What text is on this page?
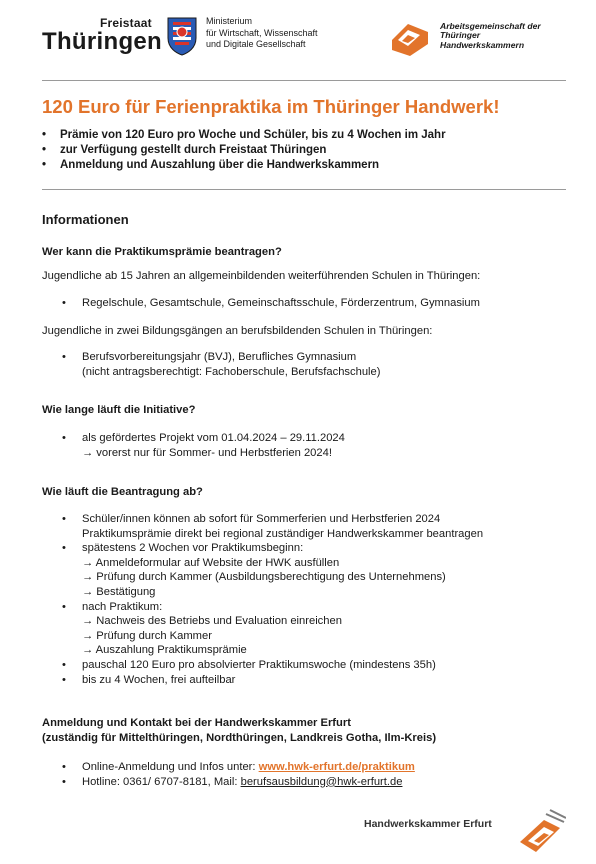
Freistaat
Thüringen
Ministerium
für Wirtschaft, Wissenschaft
und Digitale Gesellschaft
Arbeitsgemeinschaft der
Thüringer
Handwerkskammern
120 Euro für Ferienpraktika im Thüringer Handwerk!
• Prämie von 120 Euro pro Woche und Schüler, bis zu 4 Wochen im Jahr
• zur Verfügung gestellt durch Freistaat Thüringen
• Anmeldung und Auszahlung über die Handwerkskammern
Informationen
Wer kann die Praktikumsprämie beantragen?
Jugendliche ab 15 Jahren an allgemeinbildenden weiterführenden Schulen in Thüringen:
• Regelschule, Gesamtschule, Gemeinschaftsschule, Förderzentrum, Gymnasium
Jugendliche in zwei Bildungsgängen an berufsbildenden Schulen in Thüringen:
• Berufsvorbereitungsjahr (BVJ), Berufliches Gymnasium
(nicht antragsberechtigt: Fachoberschule, Berufsfachschule)
Wie lange läuft die Initiative?
• als gefördertes Projekt vom 01.04.2024 – 29.11.2024
→ vorerst nur für Sommer- und Herbstferien 2024!
Wie läuft die Beantragung ab?
• Schüler/innen können ab sofort für Sommerferien und Herbstferien 2024
Praktikumsprämie direkt bei regional zuständiger Handwerkskammer beantragen
• spätestens 2 Wochen vor Praktikumsbeginn:
→ Anmeldeformular auf Website der HWK ausfüllen
→ Prüfung durch Kammer (Ausbildungsberechtigung des Unternehmens)
→ Bestätigung
• nach Praktikum:
→ Nachweis des Betriebs und Evaluation einreichen
→ Prüfung durch Kammer
→ Auszahlung Praktikumsprämie
• pauschal 120 Euro pro absolvierter Praktikumswoche (mindestens 35h)
• bis zu 4 Wochen, frei aufteilbar
Anmeldung und Kontakt bei der Handwerkskammer Erfurt
(zuständig für Mittelthüringen, Nordthüringen, Landkreis Gotha, Ilm-Kreis)
• Online-Anmeldung und Infos unter: www.hwk-erfurt.de/praktikum
• Hotline: 0361/ 6707-8181, Mail: berufsausbildung@hwk-erfurt.de
Handwerkskammer Erfurt
